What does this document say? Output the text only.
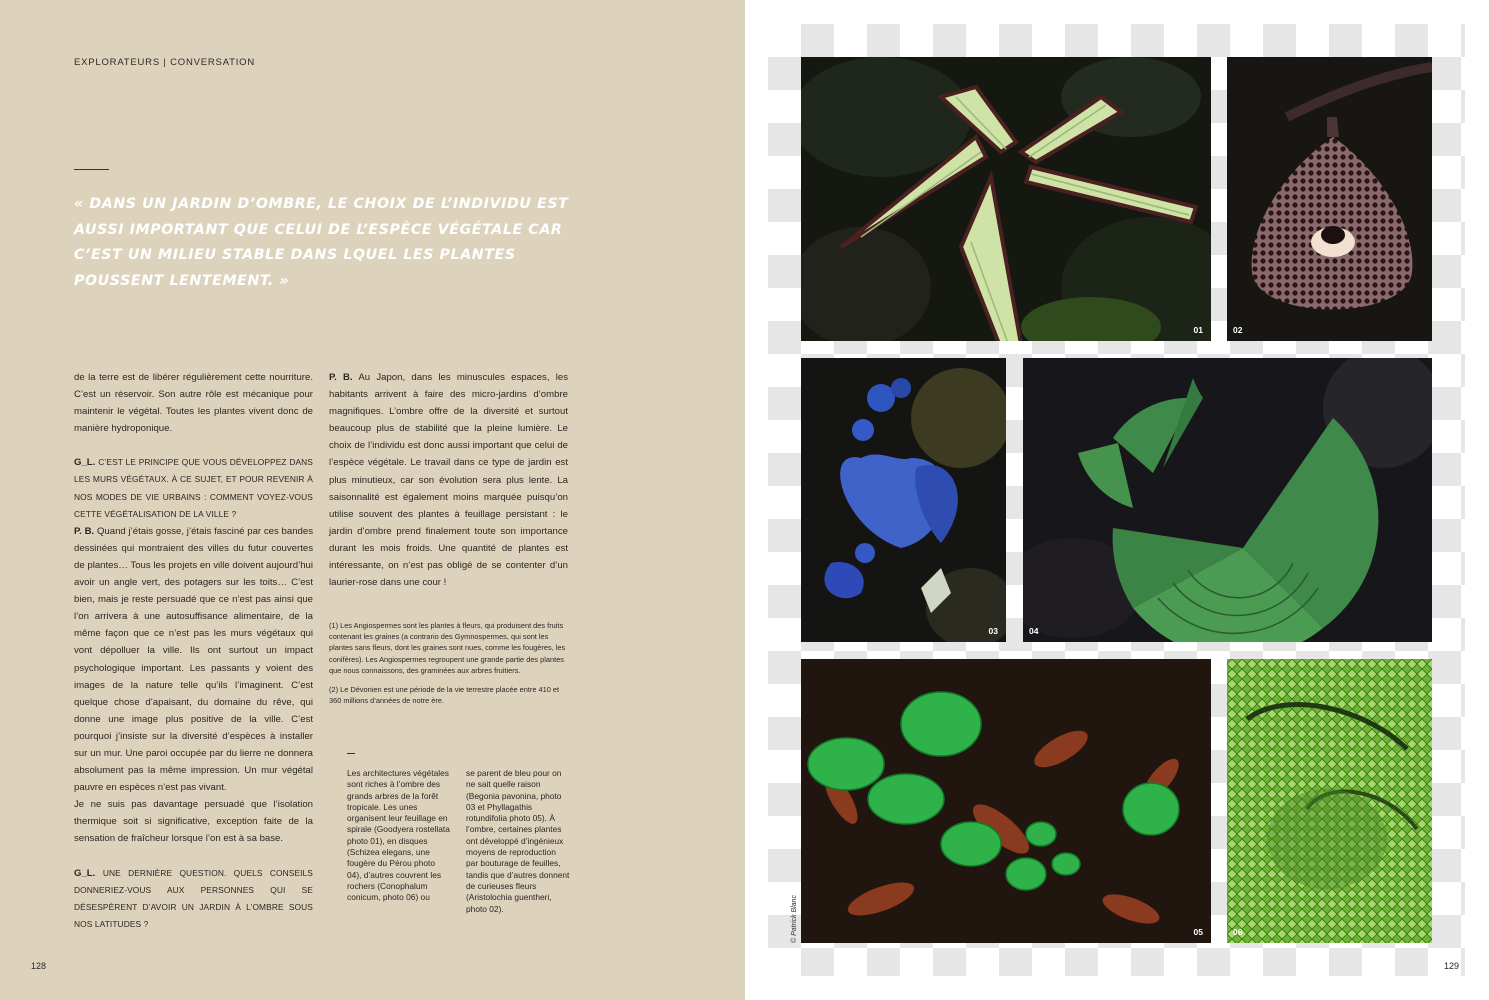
EXPLORATEURS | CONVERSATION
« DANS UN JARDIN D’OMBRE, LE CHOIX DE L’INDIVIDU EST AUSSI IMPORTANT QUE CELUI DE L’ESPÈCE VÉGÉTALE CAR C’EST UN MILIEU STABLE DANS LQUEL LES PLANTES POUSSENT LENTEMENT. »

de la terre est de libérer régulièrement cette nourriture. C’est un réservoir. Son autre rôle est mécanique pour maintenir le végétal. Toutes les plantes vivent donc de manière hydroponique.

G_L. C’EST LE PRINCIPE QUE VOUS DÉVELOPPEZ DANS LES MURS VÉGÉTAUX. À CE SUJET, ET POUR REVENIR À NOS MODES DE VIE URBAINS : COMMENT VOYEZ-VOUS CETTE VÉGÉTALISATION DE LA VILLE ?

P. B. Quand j’étais gosse, j’étais fasciné par ces bandes dessinées qui montraient des villes du futur couvertes de plantes… Tous les projets en ville doivent aujourd’hui avoir un angle vert, des potagers sur les toits… C’est bien, mais je reste persuadé que ce n’est pas ainsi que l’on arrivera à une autosuffisance alimentaire, de la même façon que ce n’est pas les murs végétaux qui vont dépolluer la ville. Ils ont surtout un impact psychologique important. Les passants y voient des images de la nature telle qu’ils l’imaginent. C’est quelque chose d’apaisant, du domaine du rêve, qui donne une image plus positive de la ville. C’est pourquoi j’insiste sur la diversité d’espèces à installer sur un mur. Une paroi occupée par du lierre ne donnera absolument pas la même impression. Un mur végétal pauvre en espèces n’est pas vivant.

Je ne suis pas davantage persuadé que l’isolation thermique soit si significative, exception faite de la sensation de fraîcheur lorsque l’on est à sa base.

G_L. UNE DERNIÈRE QUESTION. QUELS CONSEILS DONNERIEZ-VOUS AUX PERSONNES QUI SE DÉSESPÈRENT D’AVOIR UN JARDIN À L’OMBRE SOUS NOS LATITUDES ?

P. B. Au Japon, dans les minuscules espaces, les habitants arrivent à faire des micro-jardins d’ombre magnifiques. L’ombre offre de la diversité et surtout beaucoup plus de stabilité que la pleine lumière. Le choix de l’individu est donc aussi important que celui de l’espèce végétale. Le travail dans ce type de jardin est plus minutieux, car son évolution sera plus lente. La saisonnalité est également moins marquée puisqu’on utilise souvent des plantes à feuillage persistant : le jardin d’ombre prend finalement toute son importance durant les mois froids. Une quantité de plantes est intéressante, on n’est pas obligé de se contenter d’un laurier-rose dans une cour !

(1) Les Angiospermes sont les plantes à fleurs, qui produisent des fruits contenant les graines (a contrario des Gymnospermes, qui sont les plantes sans fleurs, dont les graines sont nues, comme les fougères, les conifères). Les Angiospermes regroupent une grande partie des plantes que nous connaissons, des graminées aux arbres fruitiers.

(2) Le Dévonien est une période de la vie terrestre placée entre 410 et 360 millions d’années de notre ère.

Les architectures végétales sont riches à l’ombre des grands arbres de la forêt tropicale. Les unes organisent leur feuillage en spirale (Goodyera rostellata photo 01), en disques (Schizea elegans, une fougère du Pérou photo 04), d’autres couvrent les rochers (Conophalum conicum, photo 06) ou
se parent de bleu pour on ne sait quelle raison (Begonia pavonina, photo 03 et Phyllagathis rotundifolia photo 05). À l’ombre, certaines plantes ont développé d’ingénieux moyens de reproduction par bouturage de feuilles, tandis que d’autres donnent de curieuses fleurs (Aristolochia guentheri, photo 02).
128
01	02
03	04
05	06
© Patrick Blanc
129
